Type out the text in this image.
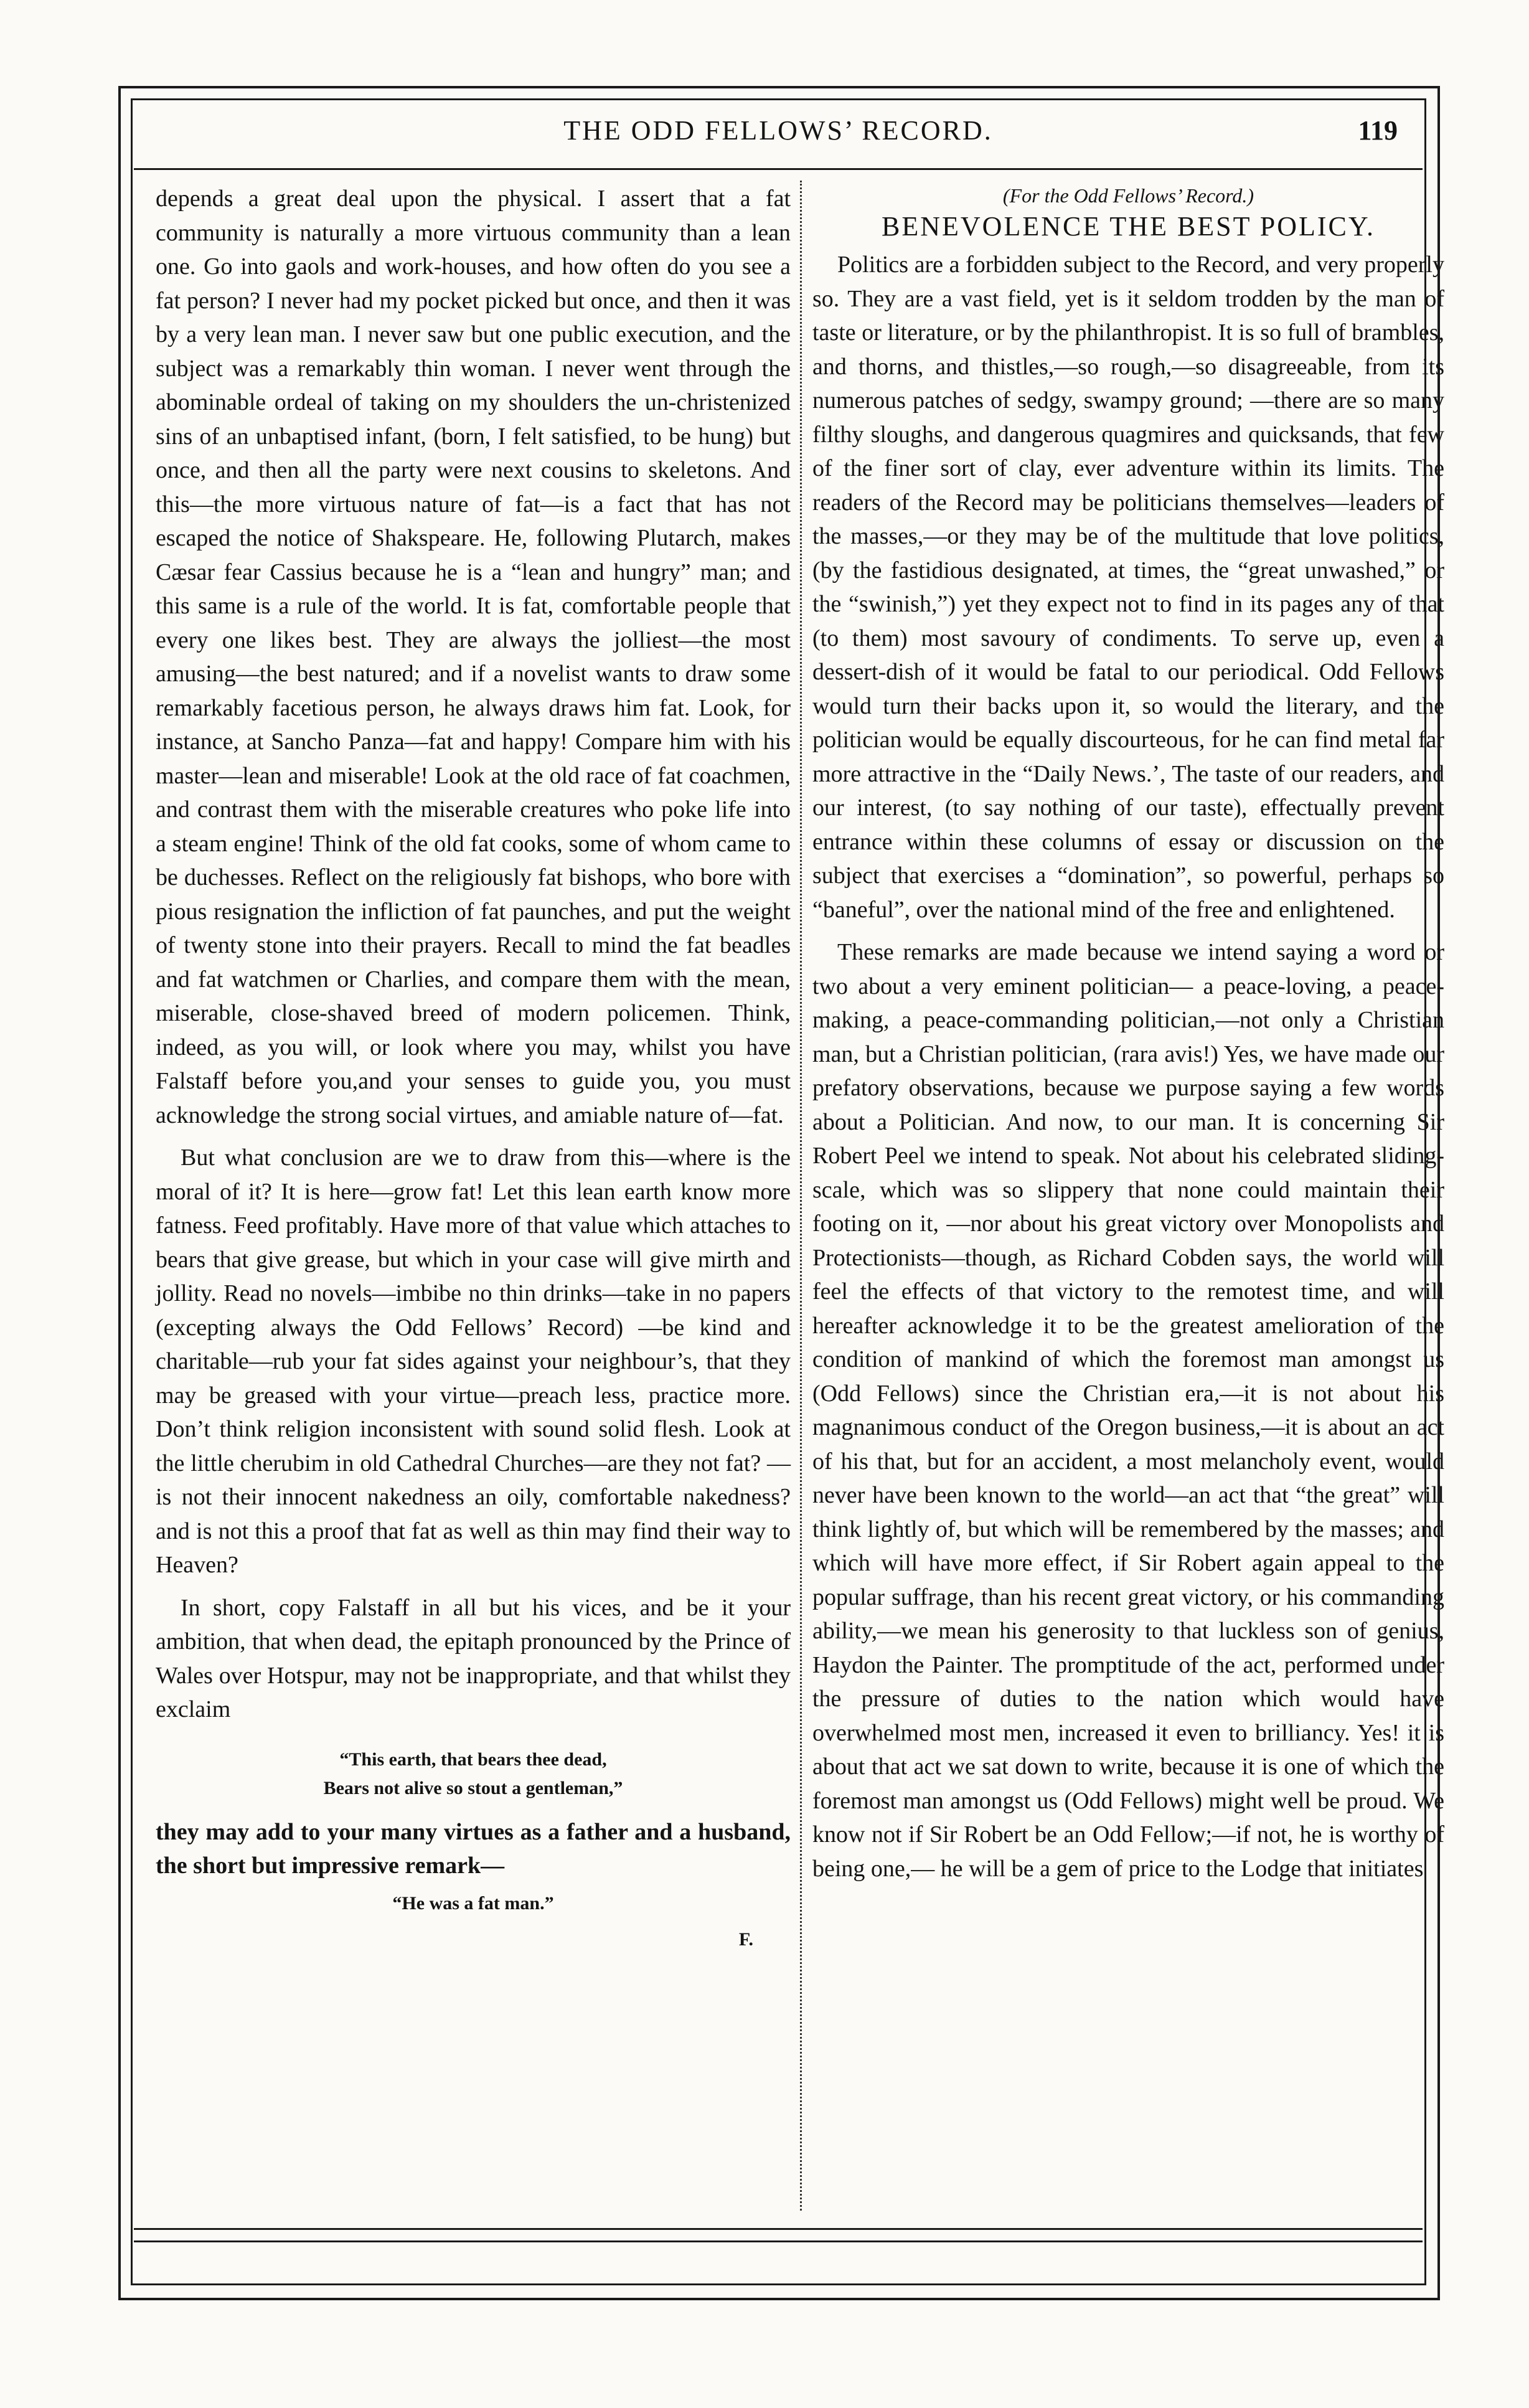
THE ODD FELLOWS’ RECORD.	119

depends a great deal upon the physical. I assert that a fat community is naturally a more virtuous community than a lean one. Go into gaols and work-houses, and how often do you see a fat person? I never had my pocket picked but once, and then it was by a very lean man. I never saw but one public execution, and the subject was a remarkably thin woman. I never went through the abominable ordeal of taking on my shoulders the un-christenized sins of an unbaptised infant, (born, I felt satisfied, to be hung) but once, and then all the party were next cousins to skeletons. And this—the more virtuous nature of fat—is a fact that has not escaped the notice of Shakspeare. He, following Plutarch, makes Cæsar fear Cassius because he is a “lean and hungry” man; and this same is a rule of the world. It is fat, comfortable people that every one likes best. They are always the jolliest—the most amusing—the best natured; and if a novelist wants to draw some remarkably facetious person, he always draws him fat. Look, for instance, at Sancho Panza—fat and happy! Compare him with his master—lean and miserable! Look at the old race of fat coachmen, and contrast them with the miserable creatures who poke life into a steam engine! Think of the old fat cooks, some of whom came to be duchesses. Reflect on the religiously fat bishops, who bore with pious resignation the infliction of fat paunches, and put the weight of twenty stone into their prayers. Recall to mind the fat beadles and fat watchmen or Charlies, and compare them with the mean, miserable, close-shaved breed of modern policemen. Think, indeed, as you will, or look where you may, whilst you have Falstaff before you,and your senses to guide you, you must acknowledge the strong social virtues, and amiable nature of—fat.

But what conclusion are we to draw from this—where is the moral of it? It is here—grow fat! Let this lean earth know more fatness. Feed profitably. Have more of that value which attaches to bears that give grease, but which in your case will give mirth and jollity. Read no novels—imbibe no thin drinks—take in no papers (excepting always the Odd Fellows’ Record) —be kind and charitable—rub your fat sides against your neighbour’s, that they may be greased with your virtue—preach less, practice more. Don’t think religion inconsistent with sound solid flesh. Look at the little cherubim in old Cathedral Churches—are they not fat? —is not their innocent nakedness an oily, comfortable nakedness? and is not this a proof that fat as well as thin may find their way to Heaven?

In short, copy Falstaff in all but his vices, and be it your ambition, that when dead, the epitaph pronounced by the Prince of Wales over Hotspur, may not be inappropriate, and that whilst they exclaim

“This earth, that bears thee dead,

Bears not alive so stout a gentleman,”

they may add to your many virtues as a father and a husband, the short but impressive remark—

“He was a fat man.”

F.

(For the Odd Fellows’ Record.)

BENEVOLENCE THE BEST POLICY.

Politics are a forbidden subject to the Record, and very properly so. They are a vast field, yet is it seldom trodden by the man of taste or literature, or by the philanthropist. It is so full of brambles, and thorns, and thistles,—so rough,—so disagreeable, from its numerous patches of sedgy, swampy ground; —there are so many filthy sloughs, and dangerous quagmires and quicksands, that few of the finer sort of clay, ever adventure within its limits. The readers of the Record may be politicians themselves—leaders of the masses,—or they may be of the multitude that love politics, (by the fastidious designated, at times, the “great unwashed,” or the “swinish,”) yet they expect not to find in its pages any of that (to them) most savoury of condiments. To serve up, even a dessert-dish of it would be fatal to our periodical. Odd Fellows would turn their backs upon it, so would the literary, and the politician would be equally discourteous, for he can find metal far more attractive in the “Daily News.’, The taste of our readers, and our interest, (to say nothing of our taste), effectually prevent entrance within these columns of essay or discussion on the subject that exercises a “domination”, so powerful, perhaps so “baneful”, over the national mind of the free and enlightened.

These remarks are made because we intend saying a word or two about a very eminent politician— a peace-loving, a peace-making, a peace-commanding politician,—not only a Christian man, but a Christian politician, (rara avis!) Yes, we have made our prefatory observations, because we purpose saying a few words about a Politician. And now, to our man. It is concerning Sir Robert Peel we intend to speak. Not about his celebrated sliding-scale, which was so slippery that none could maintain their footing on it, —nor about his great victory over Monopolists and Protectionists—though, as Richard Cobden says, the world will feel the effects of that victory to the remotest time, and will hereafter acknowledge it to be the greatest amelioration of the condition of mankind of which the foremost man amongst us (Odd Fellows) since the Christian era,—it is not about his magnanimous conduct of the Oregon business,—it is about an act of his that, but for an accident, a most melancholy event, would never have been known to the world—an act that “the great” will think lightly of, but which will be remembered by the masses; and which will have more effect, if Sir Robert again appeal to the popular suffrage, than his recent great victory, or his commanding ability,—we mean his generosity to that luckless son of genius, Haydon the Painter. The promptitude of the act, performed under the pressure of duties to the nation which would have overwhelmed most men, increased it even to brilliancy. Yes! it is about that act we sat down to write, because it is one of which the foremost man amongst us (Odd Fellows) might well be proud. We know not if Sir Robert be an Odd Fellow;—if not, he is worthy of being one,— he will be a gem of price to the Lodge that initiates
